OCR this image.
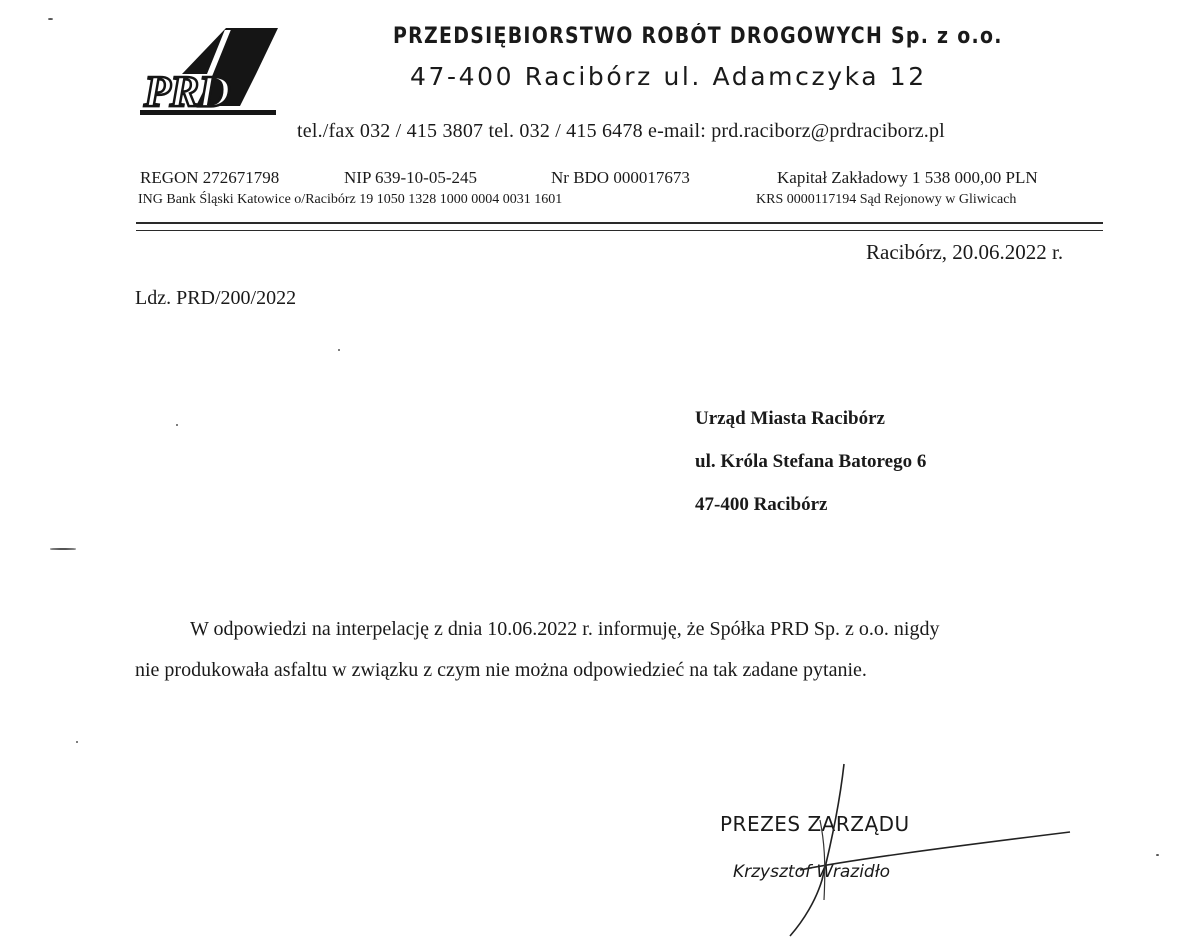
PRD
PRZEDSIĘBIORSTWO ROBÓT DROGOWYCH Sp. z o.o.
47-400 Racibórz ul. Adamczyka 12
tel./fax 032 / 415 3807 tel. 032 / 415 6478 e-mail: prd.raciborz@prdraciborz.pl
REGON 272671798	NIP 639-10-05-245	Nr BDO 000017673	Kapitał Zakładowy 1 538 000,00 PLN
ING Bank Śląski Katowice o/Racibórz 19 1050 1328 1000 0004 0031 1601	KRS 0000117194 Sąd Rejonowy w Gliwicach
Racibórz, 20.06.2022 r.
Ldz. PRD/200/2022
Urząd Miasta Racibórz
ul. Króla Stefana Batorego 6
47-400 Racibórz
W odpowiedzi na interpelację z dnia 10.06.2022 r. informuję, że Spółka PRD Sp. z o.o. nigdy
nie produkowała asfaltu w związku z czym nie można odpowiedzieć na tak zadane pytanie.
PREZES ZARZĄDU
Krzysztof Wrazidło
